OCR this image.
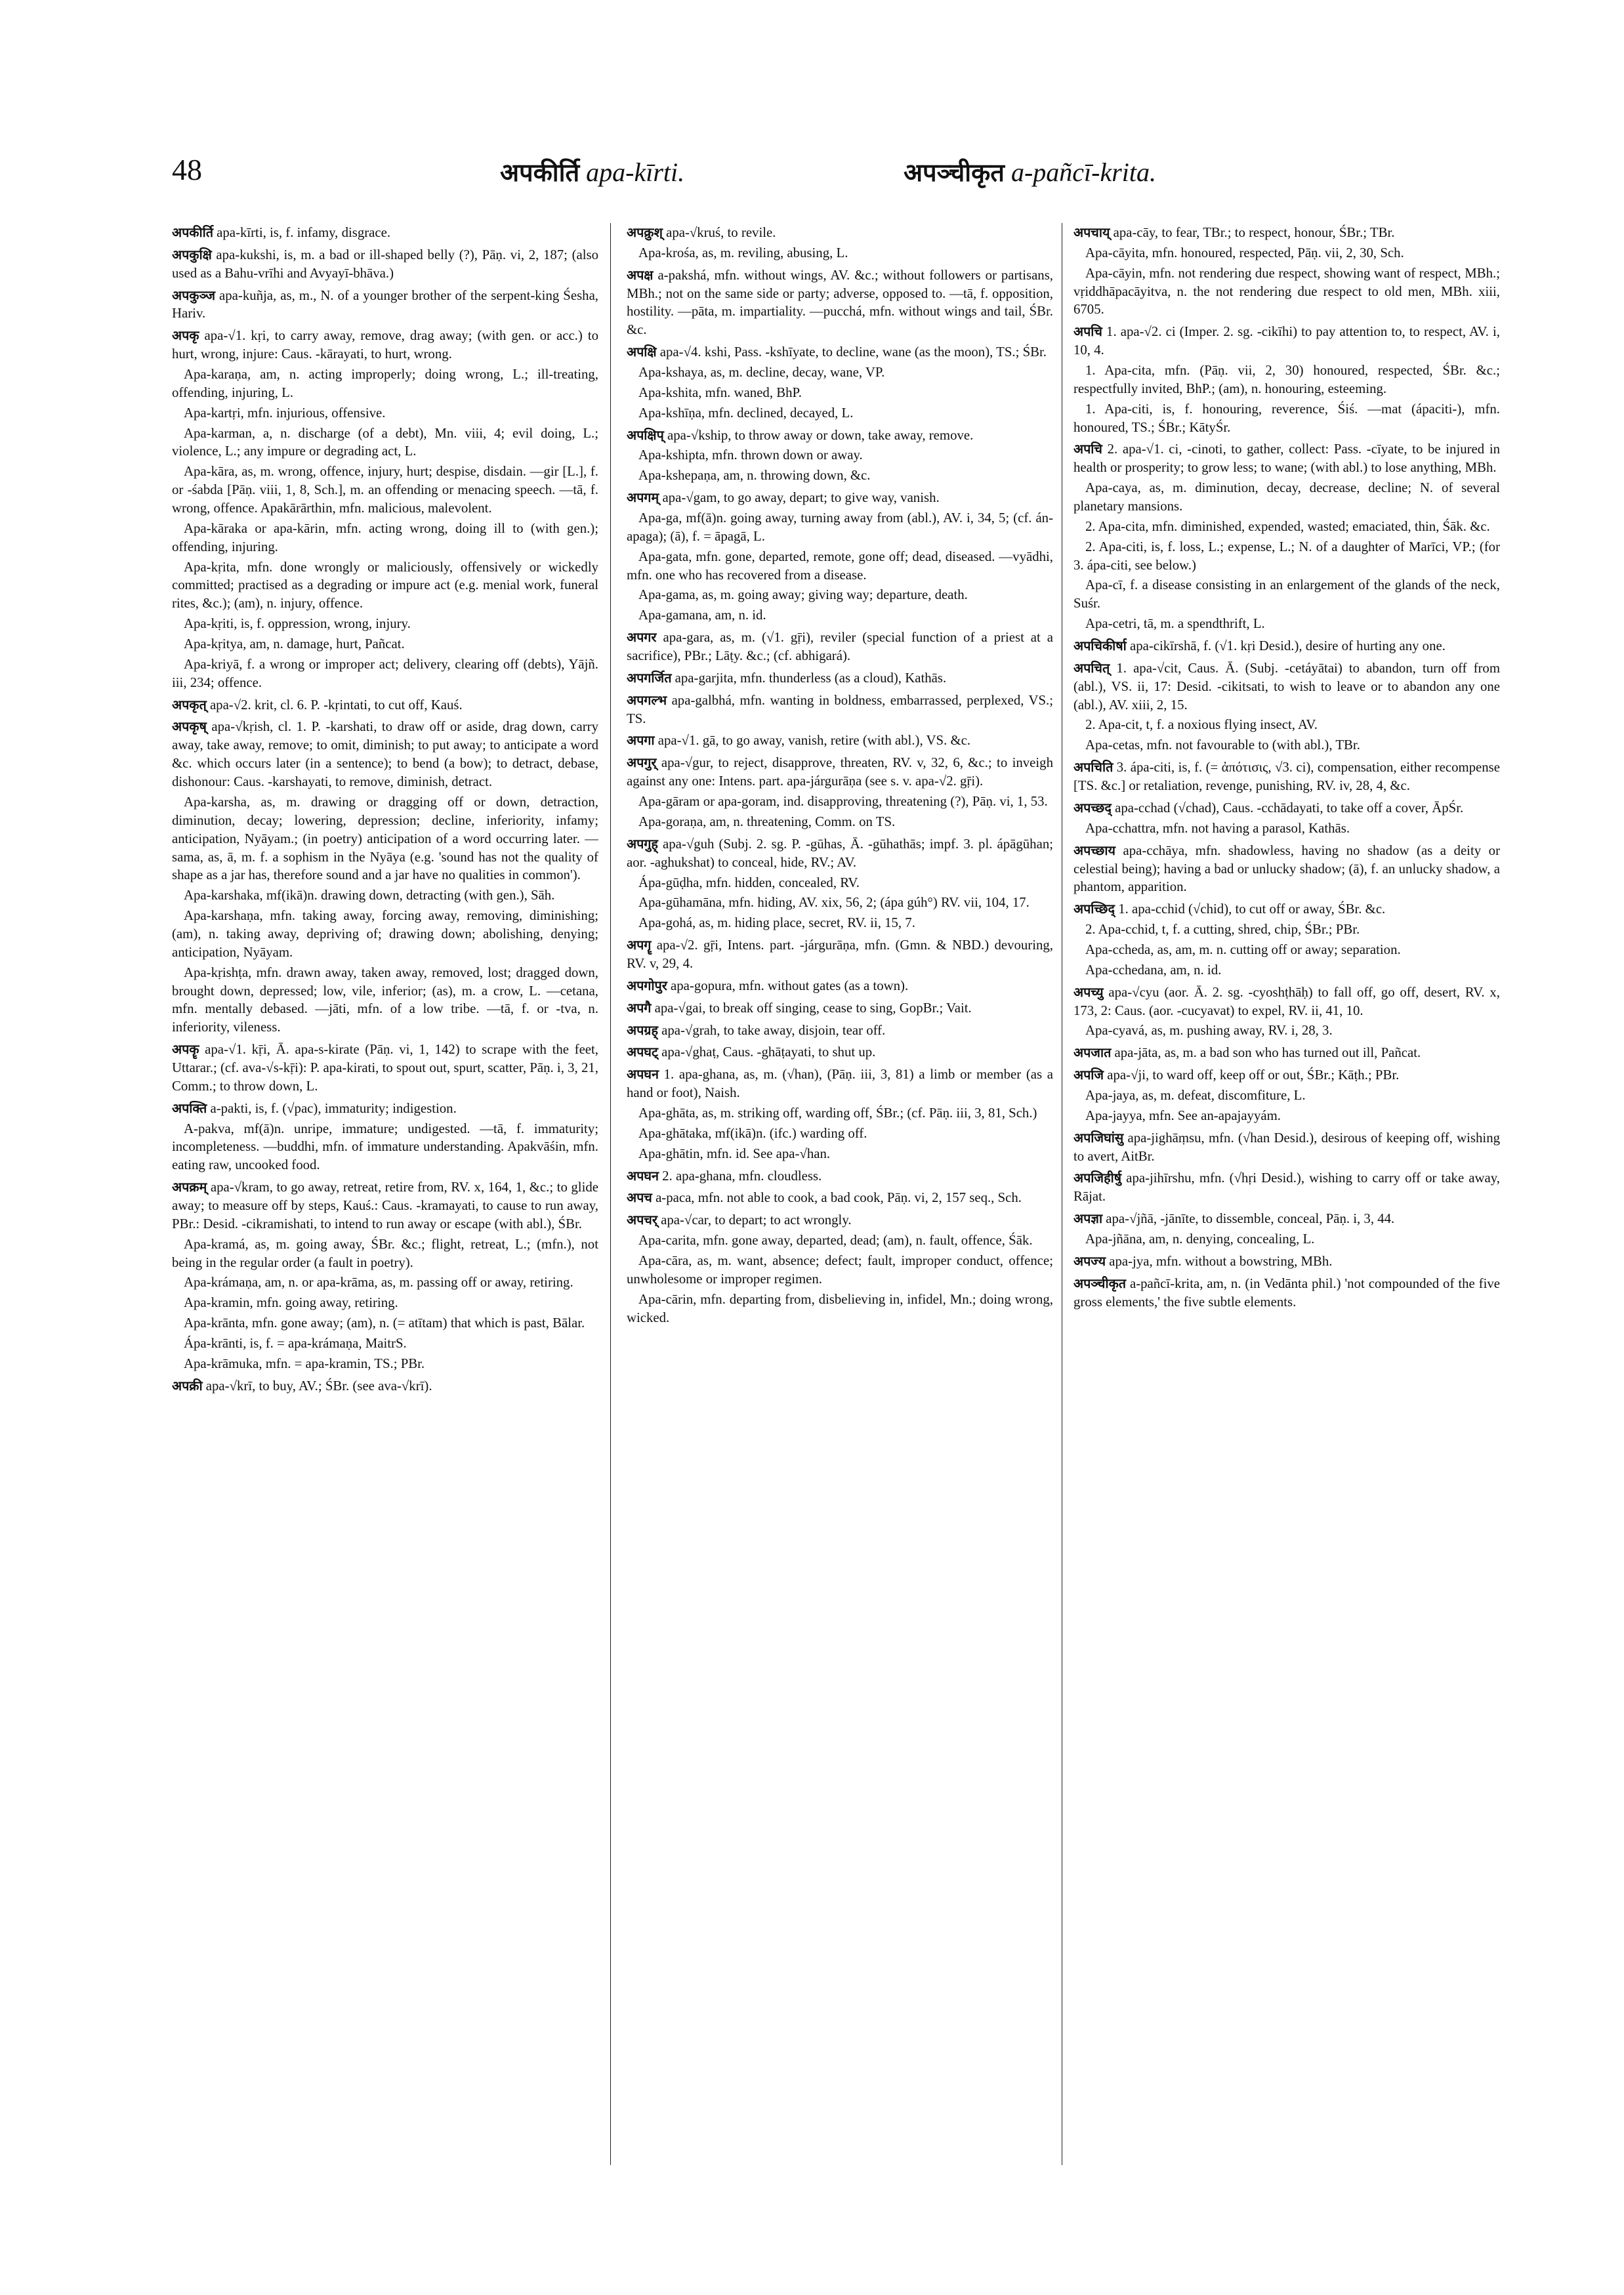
48	अपकीर्ति apa-kīrti.	अपञ्चीकृत a-pañcī-krita.

अपकीर्ति apa-kīrti, is, f. infamy, disgrace.

अपकुक्षि apa-kukshi, is, m. a bad or ill-shaped belly (?), Pāṇ. vi, 2, 187; (also used as a Bahu-vrīhi and Avyayī-bhāva.)

अपकुञ्ज apa-kuñja, as, m., N. of a younger brother of the serpent-king Śesha, Hariv.

अपकृ apa-√1. kṛi, to carry away, remove, drag away; (with gen. or acc.) to hurt, wrong, injure: Caus. -kārayati, to hurt, wrong.

Apa-karaṇa, am, n. acting improperly; doing wrong, L.; ill-treating, offending, injuring, L.

Apa-kartṛi, mfn. injurious, offensive.

Apa-karman, a, n. discharge (of a debt), Mn. viii, 4; evil doing, L.; violence, L.; any impure or degrading act, L.

Apa-kāra, as, m. wrong, offence, injury, hurt; despise, disdain. —gir [L.], f. or -śabda [Pāṇ. viii, 1, 8, Sch.], m. an offending or menacing speech. —tā, f. wrong, offence. Apakārārthin, mfn. malicious, malevolent.

Apa-kāraka or apa-kārin, mfn. acting wrong, doing ill to (with gen.); offending, injuring.

Apa-kṛita, mfn. done wrongly or maliciously, offensively or wickedly committed; practised as a degrading or impure act (e.g. menial work, funeral rites, &c.); (am), n. injury, offence.

Apa-kṛiti, is, f. oppression, wrong, injury.

Apa-kṛitya, am, n. damage, hurt, Pañcat.

Apa-kriyā, f. a wrong or improper act; delivery, clearing off (debts), Yājñ. iii, 234; offence.

अपकृत् apa-√2. krit, cl. 6. P. -kṛintati, to cut off, Kauś.

अपकृष् apa-√kṛish, cl. 1. P. -karshati, to draw off or aside, drag down, carry away, take away, remove; to omit, diminish; to put away; to anticipate a word &c. which occurs later (in a sentence); to bend (a bow); to detract, debase, dishonour: Caus. -karshayati, to remove, diminish, detract.

Apa-karsha, as, m. drawing or dragging off or down, detraction, diminution, decay; lowering, depression; decline, inferiority, infamy; anticipation, Nyāyam.; (in poetry) anticipation of a word occurring later. —sama, as, ā, m. f. a sophism in the Nyāya (e.g. 'sound has not the quality of shape as a jar has, therefore sound and a jar have no qualities in common').

Apa-karshaka, mf(ikā)n. drawing down, detracting (with gen.), Sāh.

Apa-karshaṇa, mfn. taking away, forcing away, removing, diminishing; (am), n. taking away, depriving of; drawing down; abolishing, denying; anticipation, Nyāyam.

Apa-kṛishṭa, mfn. drawn away, taken away, removed, lost; dragged down, brought down, depressed; low, vile, inferior; (as), m. a crow, L. —cetana, mfn. mentally debased. —jāti, mfn. of a low tribe. —tā, f. or -tva, n. inferiority, vileness.

अपकॄ apa-√1. kṝi, Ā. apa-s-kirate (Pāṇ. vi, 1, 142) to scrape with the feet, Uttarar.; (cf. ava-√s-kṝi): P. apa-kirati, to spout out, spurt, scatter, Pāṇ. i, 3, 21, Comm.; to throw down, L.

अपक्ति a-pakti, is, f. (√pac), immaturity; indigestion.

A-pakva, mf(ā)n. unripe, immature; undigested. —tā, f. immaturity; incompleteness. —buddhi, mfn. of immature understanding. Apakvāśin, mfn. eating raw, uncooked food.

अपक्रम् apa-√kram, to go away, retreat, retire from, RV. x, 164, 1, &c.; to glide away; to measure off by steps, Kauś.: Caus. -kramayati, to cause to run away, PBr.: Desid. -cikramishati, to intend to run away or escape (with abl.), ŚBr.

Apa-kramá, as, m. going away, ŚBr. &c.; flight, retreat, L.; (mfn.), not being in the regular order (a fault in poetry).

Apa-krámaṇa, am, n. or apa-krāma, as, m. passing off or away, retiring.

Apa-kramin, mfn. going away, retiring.

Apa-krānta, mfn. gone away; (am), n. (= atītam) that which is past, Bālar.

Ápa-krānti, is, f. = apa-krámaṇa, MaitrS.

Apa-krāmuka, mfn. = apa-kramin, TS.; PBr.

अपक्री apa-√krī, to buy, AV.; ŚBr. (see ava-√krī).

अपक्रुश् apa-√kruś, to revile.

Apa-krośa, as, m. reviling, abusing, L.

अपक्ष a-pakshá, mfn. without wings, AV. &c.; without followers or partisans, MBh.; not on the same side or party; adverse, opposed to. —tā, f. opposition, hostility. —pāta, m. impartiality. —pucchá, mfn. without wings and tail, ŚBr. &c.

अपक्षि apa-√4. kshi, Pass. -kshīyate, to decline, wane (as the moon), TS.; ŚBr.

Apa-kshaya, as, m. decline, decay, wane, VP.

Apa-kshita, mfn. waned, BhP.

Apa-kshīṇa, mfn. declined, decayed, L.

अपक्षिप् apa-√kship, to throw away or down, take away, remove.

Apa-kshipta, mfn. thrown down or away.

Apa-kshepaṇa, am, n. throwing down, &c.

अपगम् apa-√gam, to go away, depart; to give way, vanish.

Apa-ga, mf(ā)n. going away, turning away from (abl.), AV. i, 34, 5; (cf. án-apaga); (ā), f. = āpagā, L.

Apa-gata, mfn. gone, departed, remote, gone off; dead, diseased. —vyādhi, mfn. one who has recovered from a disease.

Apa-gama, as, m. going away; giving way; departure, death.

Apa-gamana, am, n. id.

अपगर apa-gara, as, m. (√1. gṝi), reviler (special function of a priest at a sacrifice), PBr.; Lāṭy. &c.; (cf. abhigará).

अपगर्जित apa-garjita, mfn. thunderless (as a cloud), Kathās.

अपगल्भ apa-galbhá, mfn. wanting in boldness, embarrassed, perplexed, VS.; TS.

अपगा apa-√1. gā, to go away, vanish, retire (with abl.), VS. &c.

अपगुर् apa-√gur, to reject, disapprove, threaten, RV. v, 32, 6, &c.; to inveigh against any one: Intens. part. apa-járgurāṇa (see s. v. apa-√2. gṝi).

Apa-gāram or apa-goram, ind. disapproving, threatening (?), Pāṇ. vi, 1, 53.

Apa-goraṇa, am, n. threatening, Comm. on TS.

अपगुह् apa-√guh (Subj. 2. sg. P. -gūhas, Ā. -gūhathās; impf. 3. pl. ápāgūhan; aor. -aghukshat) to conceal, hide, RV.; AV.

Ápa-gūḍha, mfn. hidden, concealed, RV.

Apa-gūhamāna, mfn. hiding, AV. xix, 56, 2; (ápa gúh°) RV. vii, 104, 17.

Apa-gohá, as, m. hiding place, secret, RV. ii, 15, 7.

अपगॄ apa-√2. gṝi, Intens. part. -járgurāṇa, mfn. (Gmn. & NBD.) devouring, RV. v, 29, 4.

अपगोपुर apa-gopura, mfn. without gates (as a town).

अपगै apa-√gai, to break off singing, cease to sing, GopBr.; Vait.

अपग्रह् apa-√grah, to take away, disjoin, tear off.

अपघट् apa-√ghaṭ, Caus. -ghāṭayati, to shut up.

अपघन 1. apa-ghana, as, m. (√han), (Pāṇ. iii, 3, 81) a limb or member (as a hand or foot), Naish.

Apa-ghāta, as, m. striking off, warding off, ŚBr.; (cf. Pāṇ. iii, 3, 81, Sch.)

Apa-ghātaka, mf(ikā)n. (ifc.) warding off.

Apa-ghātin, mfn. id. See apa-√han.

अपघन 2. apa-ghana, mfn. cloudless.

अपच a-paca, mfn. not able to cook, a bad cook, Pāṇ. vi, 2, 157 seq., Sch.

अपचर् apa-√car, to depart; to act wrongly.

Apa-carita, mfn. gone away, departed, dead; (am), n. fault, offence, Śāk.

Apa-cāra, as, m. want, absence; defect; fault, improper conduct, offence; unwholesome or improper regimen.

Apa-cārin, mfn. departing from, disbelieving in, infidel, Mn.; doing wrong, wicked.

अपचाय् apa-cāy, to fear, TBr.; to respect, honour, ŚBr.; TBr.

Apa-cāyita, mfn. honoured, respected, Pāṇ. vii, 2, 30, Sch.

Apa-cāyin, mfn. not rendering due respect, showing want of respect, MBh.; vṛiddhāpacāyitva, n. the not rendering due respect to old men, MBh. xiii, 6705.

अपचि 1. apa-√2. ci (Imper. 2. sg. -cikīhi) to pay attention to, to respect, AV. i, 10, 4.

1. Apa-cita, mfn. (Pāṇ. vii, 2, 30) honoured, respected, ŚBr. &c.; respectfully invited, BhP.; (am), n. honouring, esteeming.

1. Apa-citi, is, f. honouring, reverence, Śiś. —mat (ápaciti-), mfn. honoured, TS.; ŚBr.; KātyŚr.

अपचि 2. apa-√1. ci, -cinoti, to gather, collect: Pass. -cīyate, to be injured in health or prosperity; to grow less; to wane; (with abl.) to lose anything, MBh.

Apa-caya, as, m. diminution, decay, decrease, decline; N. of several planetary mansions.

2. Apa-cita, mfn. diminished, expended, wasted; emaciated, thin, Śāk. &c.

2. Apa-citi, is, f. loss, L.; expense, L.; N. of a daughter of Marīci, VP.; (for 3. ápa-citi, see below.)

Apa-cī, f. a disease consisting in an enlargement of the glands of the neck, Suśr.

Apa-cetri, tā, m. a spendthrift, L.

अपचिकीर्षा apa-cikīrshā, f. (√1. kṛi Desid.), desire of hurting any one.

अपचित् 1. apa-√cit, Caus. Ā. (Subj. -cetáyātai) to abandon, turn off from (abl.), VS. ii, 17: Desid. -cikitsati, to wish to leave or to abandon any one (abl.), AV. xiii, 2, 15.

2. Apa-cit, t, f. a noxious flying insect, AV.

Apa-cetas, mfn. not favourable to (with abl.), TBr.

अपचिति 3. ápa-citi, is, f. (= ἀπότισις, √3. ci), compensation, either recompense [TS. &c.] or retaliation, revenge, punishing, RV. iv, 28, 4, &c.

अपच्छद् apa-cchad (√chad), Caus. -cchādayati, to take off a cover, ĀpŚr.

Apa-cchattra, mfn. not having a parasol, Kathās.

अपच्छाय apa-cchāya, mfn. shadowless, having no shadow (as a deity or celestial being); having a bad or unlucky shadow; (ā), f. an unlucky shadow, a phantom, apparition.

अपच्छिद् 1. apa-cchid (√chid), to cut off or away, ŚBr. &c.

2. Apa-cchid, t, f. a cutting, shred, chip, ŚBr.; PBr.

Apa-ccheda, as, am, m. n. cutting off or away; separation.

Apa-cchedana, am, n. id.

अपच्यु apa-√cyu (aor. Ā. 2. sg. -cyoshṭhāḥ) to fall off, go off, desert, RV. x, 173, 2: Caus. (aor. -cucyavat) to expel, RV. ii, 41, 10.

Apa-cyavá, as, m. pushing away, RV. i, 28, 3.

अपजात apa-jāta, as, m. a bad son who has turned out ill, Pañcat.

अपजि apa-√ji, to ward off, keep off or out, ŚBr.; Kāṭh.; PBr.

Apa-jaya, as, m. defeat, discomfiture, L.

Apa-jayya, mfn. See an-apajayyám.

अपजिघांसु apa-jighāṃsu, mfn. (√han Desid.), desirous of keeping off, wishing to avert, AitBr.

अपजिहीर्षु apa-jihīrshu, mfn. (√hṛi Desid.), wishing to carry off or take away, Rājat.

अपज्ञा apa-√jñā, -jānīte, to dissemble, conceal, Pāṇ. i, 3, 44.

Apa-jñāna, am, n. denying, concealing, L.

अपज्य apa-jya, mfn. without a bowstring, MBh.

अपञ्चीकृत a-pañcī-krita, am, n. (in Vedānta phil.) 'not compounded of the five gross elements,' the five subtle elements.
